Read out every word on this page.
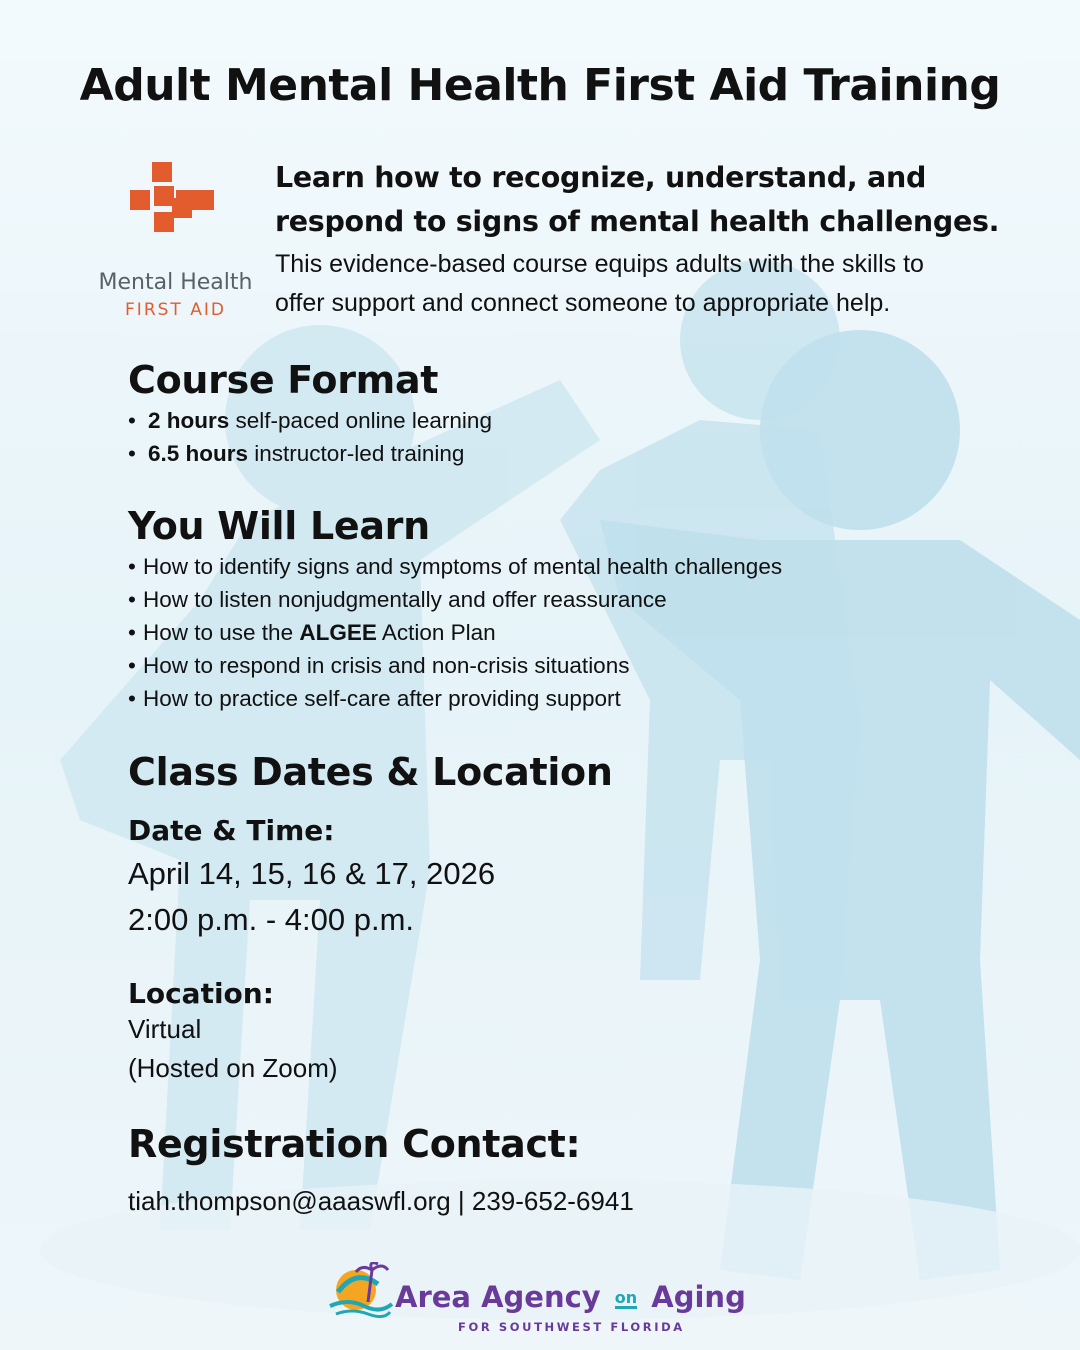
Adult Mental Health First Aid Training
Mental Health
FIRST AID
Learn how to recognize, understand, and
respond to signs of mental health challenges.
This evidence-based course equips adults with the skills to
offer support and connect someone to appropriate help.
Course Format
• 2 hours self-paced online learning
• 6.5 hours instructor-led training
You Will Learn
• How to identify signs and symptoms of mental health challenges
• How to listen nonjudgmentally and offer reassurance
• How to use the ALGEE Action Plan
• How to respond in crisis and non-crisis situations
• How to practice self-care after providing support
Class Dates & Location
Date & Time:
April 14, 15, 16 & 17, 2026
2:00 p.m. - 4:00 p.m.
Location:
Virtual
(Hosted on Zoom)
Registration Contact:
tiah.thompson@aaaswfl.org | 239-652-6941
Area Agency on Aging
FOR SOUTHWEST FLORIDA
